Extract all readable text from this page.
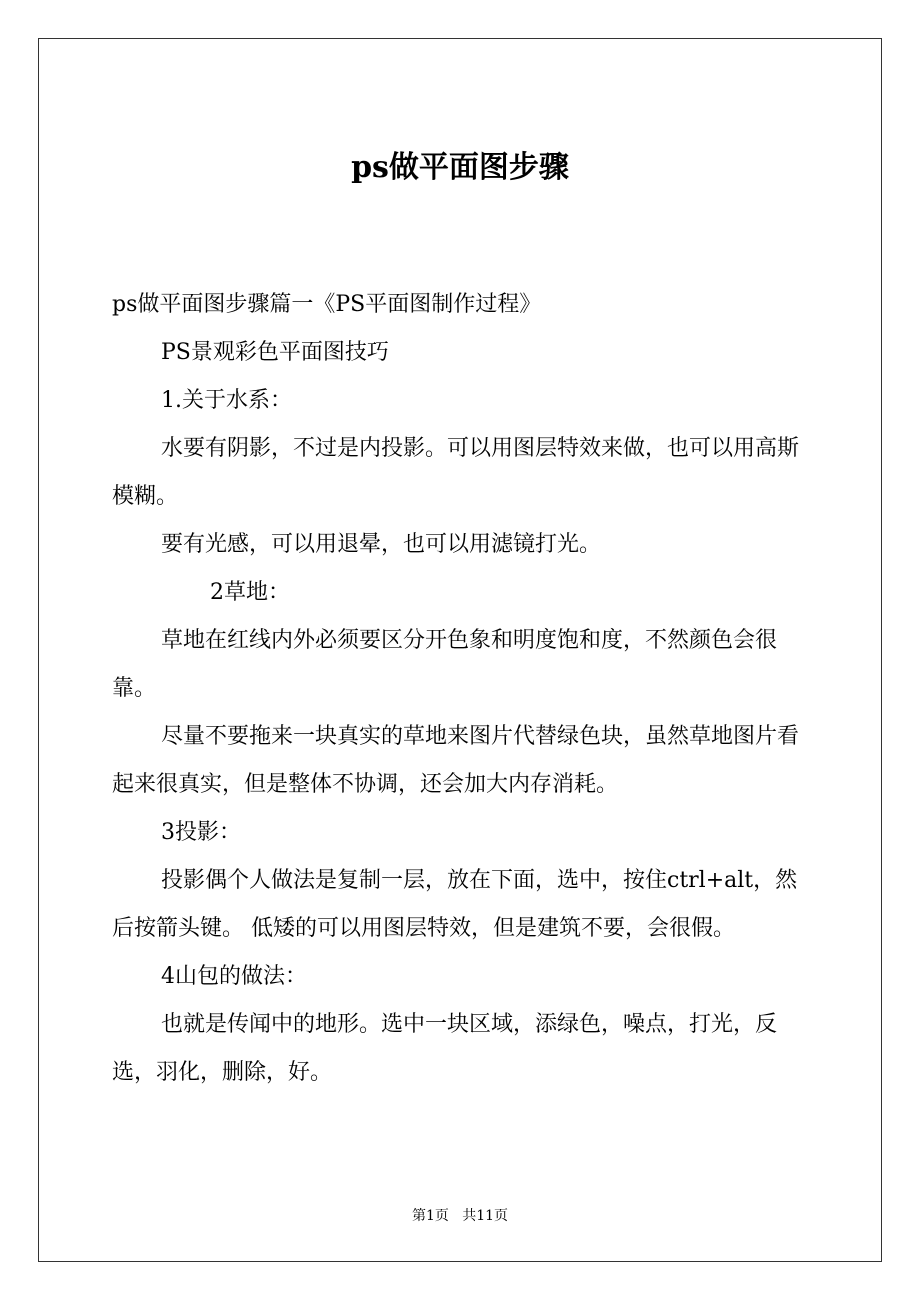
ps做平面图步骤

ps做平面图步骤篇一《PS平面图制作过程》

PS景观彩色平面图技巧

1.关于水系：

水要有阴影，不过是内投影。可以用图层特效来做，也可以用高斯模糊。

要有光感，可以用退晕，也可以用滤镜打光。

2草地：

草地在红线内外必须要区分开色象和明度饱和度，不然颜色会很靠。

尽量不要拖来一块真实的草地来图片代替绿色块，虽然草地图片看起来很真实，但是整体不协调，还会加大内存消耗。

3投影：

投影偶个人做法是复制一层，放在下面，选中，按住ctrl+alt，然后按箭头键。 低矮的可以用图层特效，但是建筑不要，会很假。

4山包的做法：

也就是传闻中的地形。选中一块区域，添绿色，噪点，打光，反选，羽化，删除，好。

第1页   共11页
